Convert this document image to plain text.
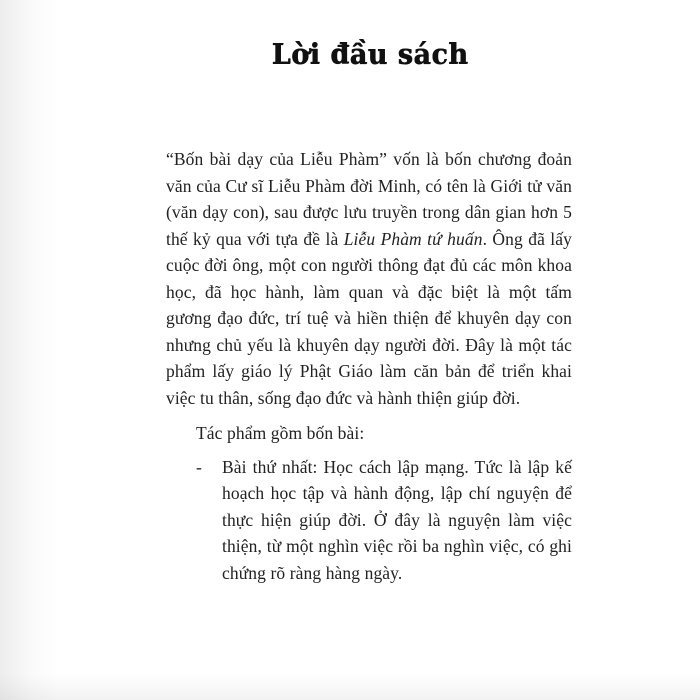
Lời đầu sách

“Bốn bài dạy của Liễu Phàm” vốn là bốn chương đoản văn của Cư sĩ Liễu Phàm đời Minh, có tên là Giới tử văn (văn dạy con), sau được lưu truyền trong dân gian hơn 5 thế kỷ qua với tựa đề là Liễu Phàm tứ huấn. Ông đã lấy cuộc đời ông, một con người thông đạt đủ các môn khoa học, đã học hành, làm quan và đặc biệt là một tấm gương đạo đức, trí tuệ và hiền thiện để khuyên dạy con nhưng chủ yếu là khuyên dạy người đời. Đây là một tác phẩm lấy giáo lý Phật Giáo làm căn bản để triển khai việc tu thân, sống đạo đức và hành thiện giúp đời.

Tác phẩm gồm bốn bài:

-	Bài thứ nhất: Học cách lập mạng. Tức là lập kế hoạch học tập và hành động, lập chí nguyện để thực hiện giúp đời. Ở đây là nguyện làm việc thiện, từ một nghìn việc rồi ba nghìn việc, có ghi chứng rõ ràng hàng ngày.
